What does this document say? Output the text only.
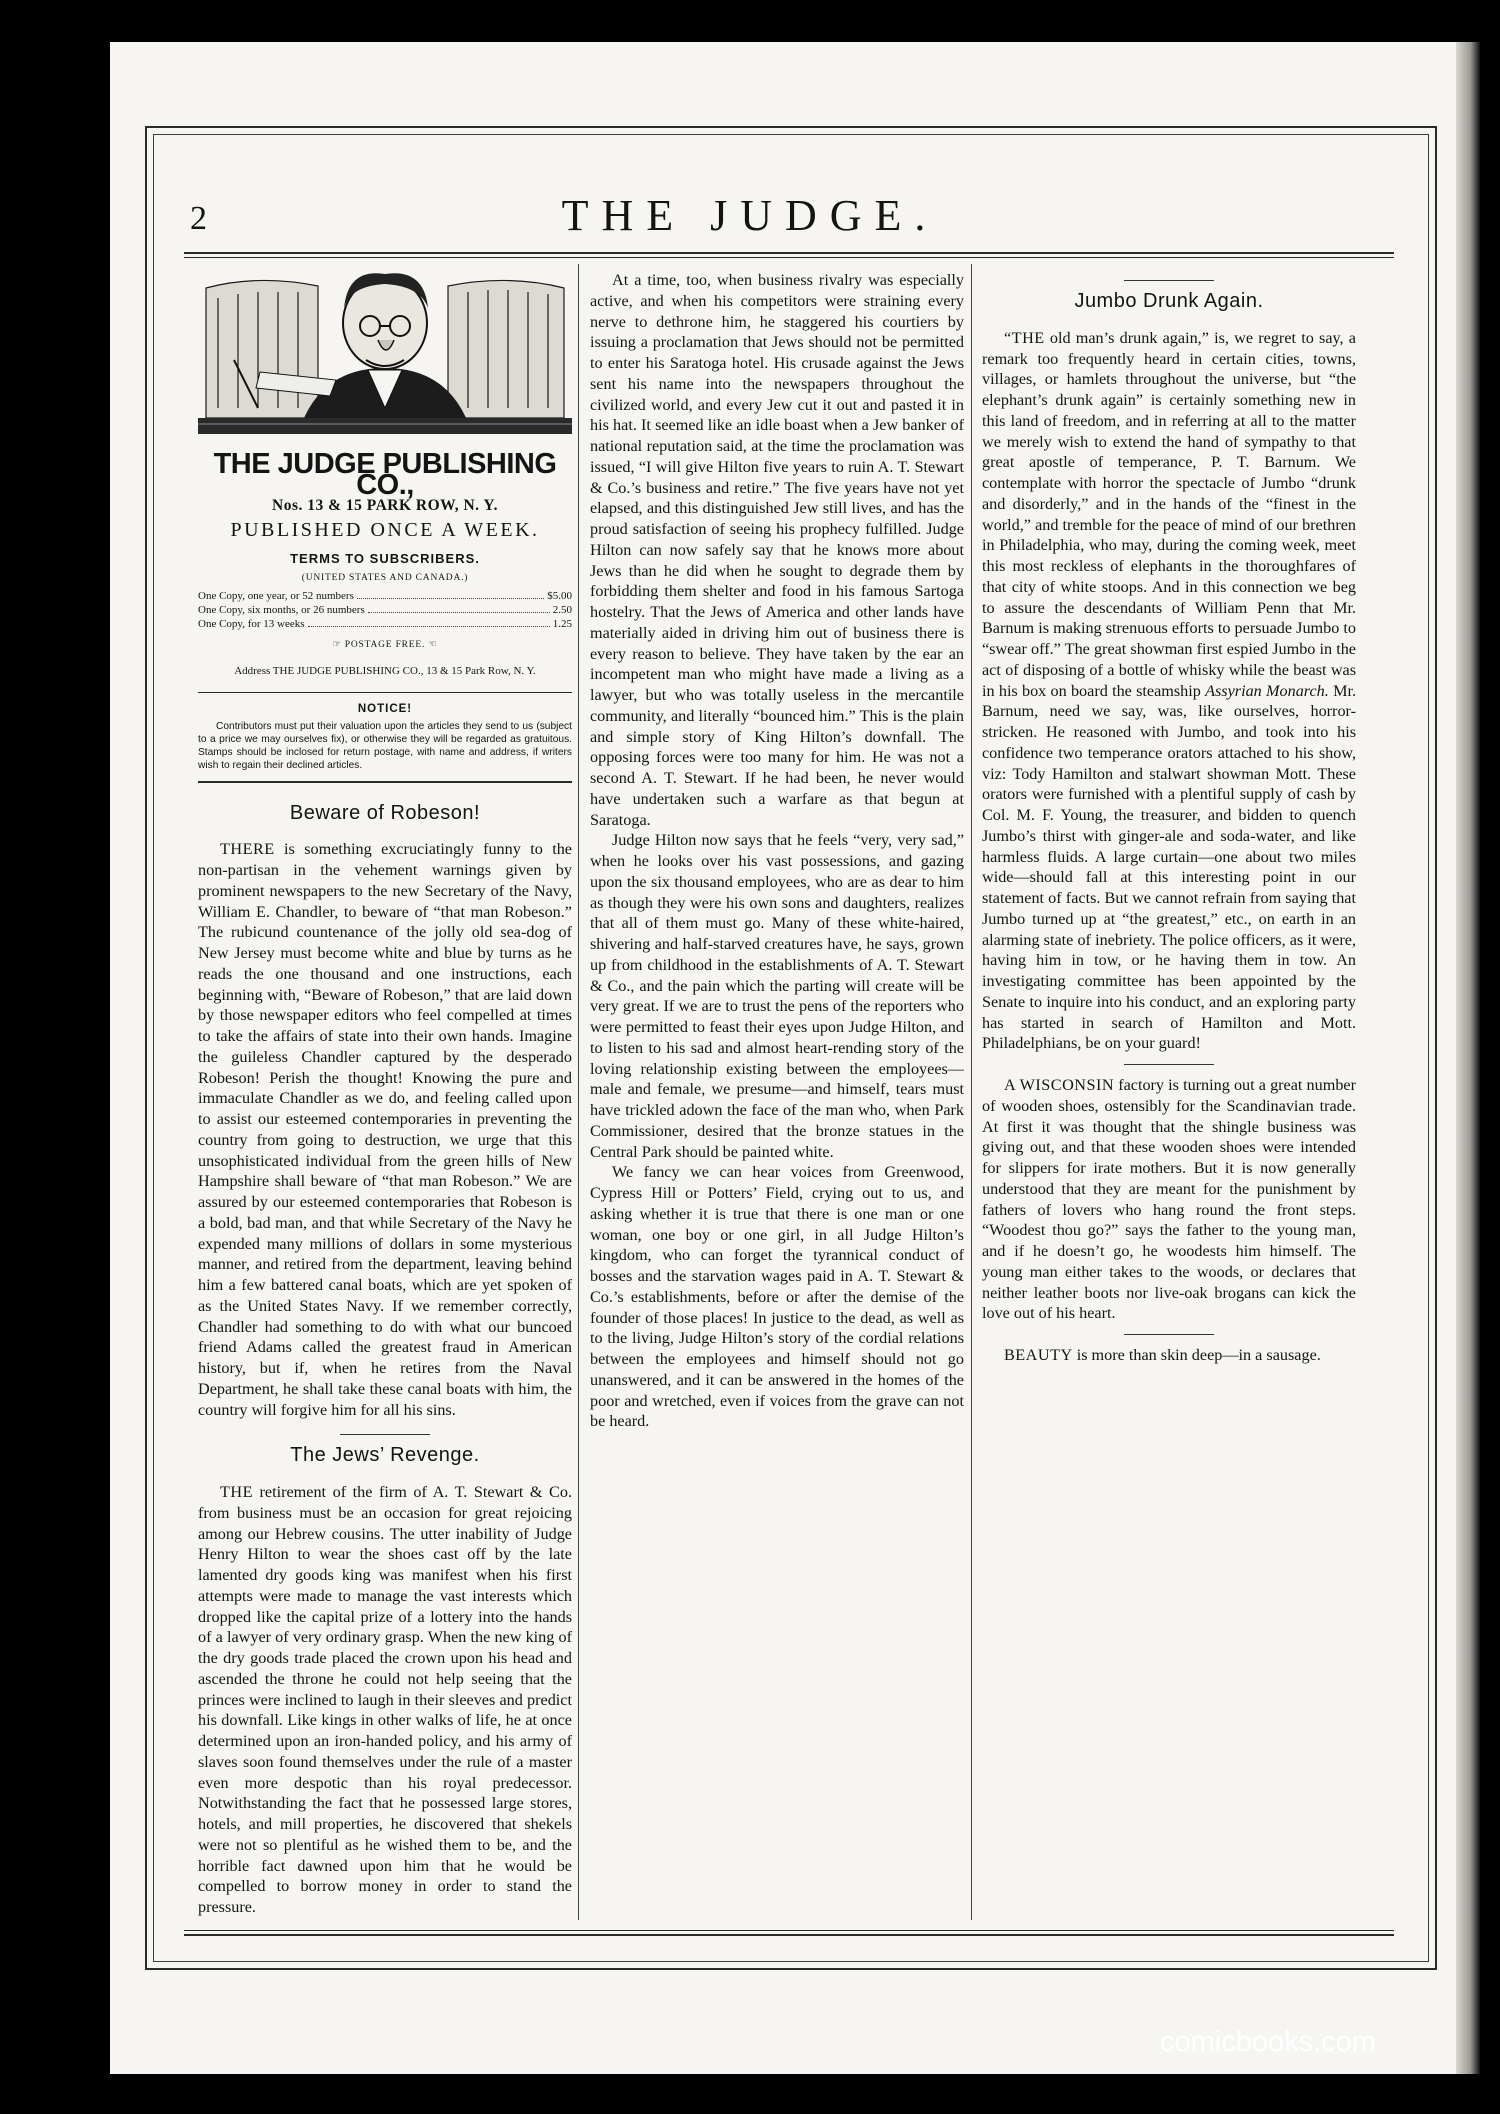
2	THE JUDGE.
THE JUDGE PUBLISHING CO.,
Nos. 13 & 15 PARK ROW, N. Y.
PUBLISHED ONCE A WEEK.
TERMS TO SUBSCRIBERS.
(UNITED STATES AND CANADA.)
One Copy, one year, or 52 numbers	$5.00
One Copy, six months, or 26 numbers	2.50
One Copy, for 13 weeks	1.25
☞ POSTAGE FREE. ☜
Address THE JUDGE PUBLISHING CO., 13 & 15 Park Row, N. Y.
NOTICE!
Contributors must put their valuation upon the articles they send to us (subject to a price we may ourselves fix), or otherwise they will be regarded as gratuitous. Stamps should be inclosed for return postage, with name and address, if writers wish to regain their declined articles.
Beware of Robeson!

THERE is something excruciatingly funny to the non-partisan in the vehement warnings given by prominent newspapers to the new Secretary of the Navy, William E. Chandler, to beware of “that man Robeson.” The rubicund countenance of the jolly old sea-dog of New Jersey must become white and blue by turns as he reads the one thousand and one instructions, each beginning with, “Beware of Robeson,” that are laid down by those newspaper editors who feel compelled at times to take the affairs of state into their own hands. Imagine the guileless Chandler captured by the desperado Robeson! Perish the thought! Knowing the pure and immaculate Chandler as we do, and feeling called upon to assist our esteemed contemporaries in preventing the country from going to destruction, we urge that this unsophisticated individual from the green hills of New Hampshire shall beware of “that man Robeson.” We are assured by our esteemed contemporaries that Robeson is a bold, bad man, and that while Secretary of the Navy he expended many millions of dollars in some mysterious manner, and retired from the department, leaving behind him a few battered canal boats, which are yet spoken of as the United States Navy. If we remember correctly, Chandler had something to do with what our buncoed friend Adams called the greatest fraud in American history, but if, when he retires from the Naval Department, he shall take these canal boats with him, the country will forgive him for all his sins.

The Jews’ Revenge.

THE retirement of the firm of A. T. Stewart & Co. from business must be an occasion for great rejoicing among our Hebrew cousins. The utter inability of Judge Henry Hilton to wear the shoes cast off by the late lamented dry goods king was manifest when his first attempts were made to manage the vast interests which dropped like the capital prize of a lottery into the hands of a lawyer of very ordinary grasp. When the new king of the dry goods trade placed the crown upon his head and ascended the throne he could not help seeing that the princes were inclined to laugh in their sleeves and predict his downfall. Like kings in other walks of life, he at once determined upon an iron-handed policy, and his army of slaves soon found themselves under the rule of a master even more despotic than his royal predecessor. Notwithstanding the fact that he possessed large stores, hotels, and mill properties, he discovered that shekels were not so plentiful as he wished them to be, and the horrible fact dawned upon him that he would be compelled to borrow money in order to stand the pressure.

At a time, too, when business rivalry was especially active, and when his competitors were straining every nerve to dethrone him, he staggered his courtiers by issuing a proclamation that Jews should not be permitted to enter his Saratoga hotel. His crusade against the Jews sent his name into the newspapers throughout the civilized world, and every Jew cut it out and pasted it in his hat. It seemed like an idle boast when a Jew banker of national reputation said, at the time the proclamation was issued, “I will give Hilton five years to ruin A. T. Stewart & Co.’s business and retire.” The five years have not yet elapsed, and this distinguished Jew still lives, and has the proud satisfaction of seeing his prophecy fulfilled. Judge Hilton can now safely say that he knows more about Jews than he did when he sought to degrade them by forbidding them shelter and food in his famous Sartoga hostelry. That the Jews of America and other lands have materially aided in driving him out of business there is every reason to believe. They have taken by the ear an incompetent man who might have made a living as a lawyer, but who was totally useless in the mercantile community, and literally “bounced him.” This is the plain and simple story of King Hilton’s downfall. The opposing forces were too many for him. He was not a second A. T. Stewart. If he had been, he never would have undertaken such a warfare as that begun at Saratoga.

Judge Hilton now says that he feels “very, very sad,” when he looks over his vast possessions, and gazing upon the six thousand employees, who are as dear to him as though they were his own sons and daughters, realizes that all of them must go. Many of these white-haired, shivering and half-starved creatures have, he says, grown up from childhood in the establishments of A. T. Stewart & Co., and the pain which the parting will create will be very great. If we are to trust the pens of the reporters who were permitted to feast their eyes upon Judge Hilton, and to listen to his sad and almost heart-rending story of the loving relationship existing between the employees—male and female, we presume—and himself, tears must have trickled adown the face of the man who, when Park Commissioner, desired that the bronze statues in the Central Park should be painted white.

We fancy we can hear voices from Greenwood, Cypress Hill or Potters’ Field, crying out to us, and asking whether it is true that there is one man or one woman, one boy or one girl, in all Judge Hilton’s kingdom, who can forget the tyrannical conduct of bosses and the starvation wages paid in A. T. Stewart & Co.’s establishments, before or after the demise of the founder of those places! In justice to the dead, as well as to the living, Judge Hilton’s story of the cordial relations between the employees and himself should not go unanswered, and it can be answered in the homes of the poor and wretched, even if voices from the grave can not be heard.

Jumbo Drunk Again.

“THE old man’s drunk again,” is, we regret to say, a remark too frequently heard in certain cities, towns, villages, or hamlets throughout the universe, but “the elephant’s drunk again” is certainly something new in this land of freedom, and in referring at all to the matter we merely wish to extend the hand of sympathy to that great apostle of temperance, P. T. Barnum. We contemplate with horror the spectacle of Jumbo “drunk and disorderly,” and in the hands of the “finest in the world,” and tremble for the peace of mind of our brethren in Philadelphia, who may, during the coming week, meet this most reckless of elephants in the thoroughfares of that city of white stoops. And in this connection we beg to assure the descendants of William Penn that Mr. Barnum is making strenuous efforts to persuade Jumbo to “swear off.” The great showman first espied Jumbo in the act of disposing of a bottle of whisky while the beast was in his box on board the steamship Assyrian Monarch. Mr. Barnum, need we say, was, like ourselves, horror-stricken. He reasoned with Jumbo, and took into his confidence two temperance orators attached to his show, viz: Tody Hamilton and stalwart showman Mott. These orators were furnished with a plentiful supply of cash by Col. M. F. Young, the treasurer, and bidden to quench Jumbo’s thirst with ginger-ale and soda-water, and like harmless fluids. A large curtain—one about two miles wide—should fall at this interesting point in our statement of facts. But we cannot refrain from saying that Jumbo turned up at “the greatest,” etc., on earth in an alarming state of inebriety. The police officers, as it were, having him in tow, or he having them in tow. An investigating committee has been appointed by the Senate to inquire into his conduct, and an exploring party has started in search of Hamilton and Mott. Philadelphians, be on your guard!

A WISCONSIN factory is turning out a great number of wooden shoes, ostensibly for the Scandinavian trade. At first it was thought that the shingle business was giving out, and that these wooden shoes were intended for slippers for irate mothers. But it is now generally understood that they are meant for the punishment by fathers of lovers who hang round the front steps. “Woodest thou go?” says the father to the young man, and if he doesn’t go, he woodests him himself. The young man either takes to the woods, or declares that neither leather boots nor live-oak brogans can kick the love out of his heart.

BEAUTY is more than skin deep—in a sausage.

comicbooks.com
